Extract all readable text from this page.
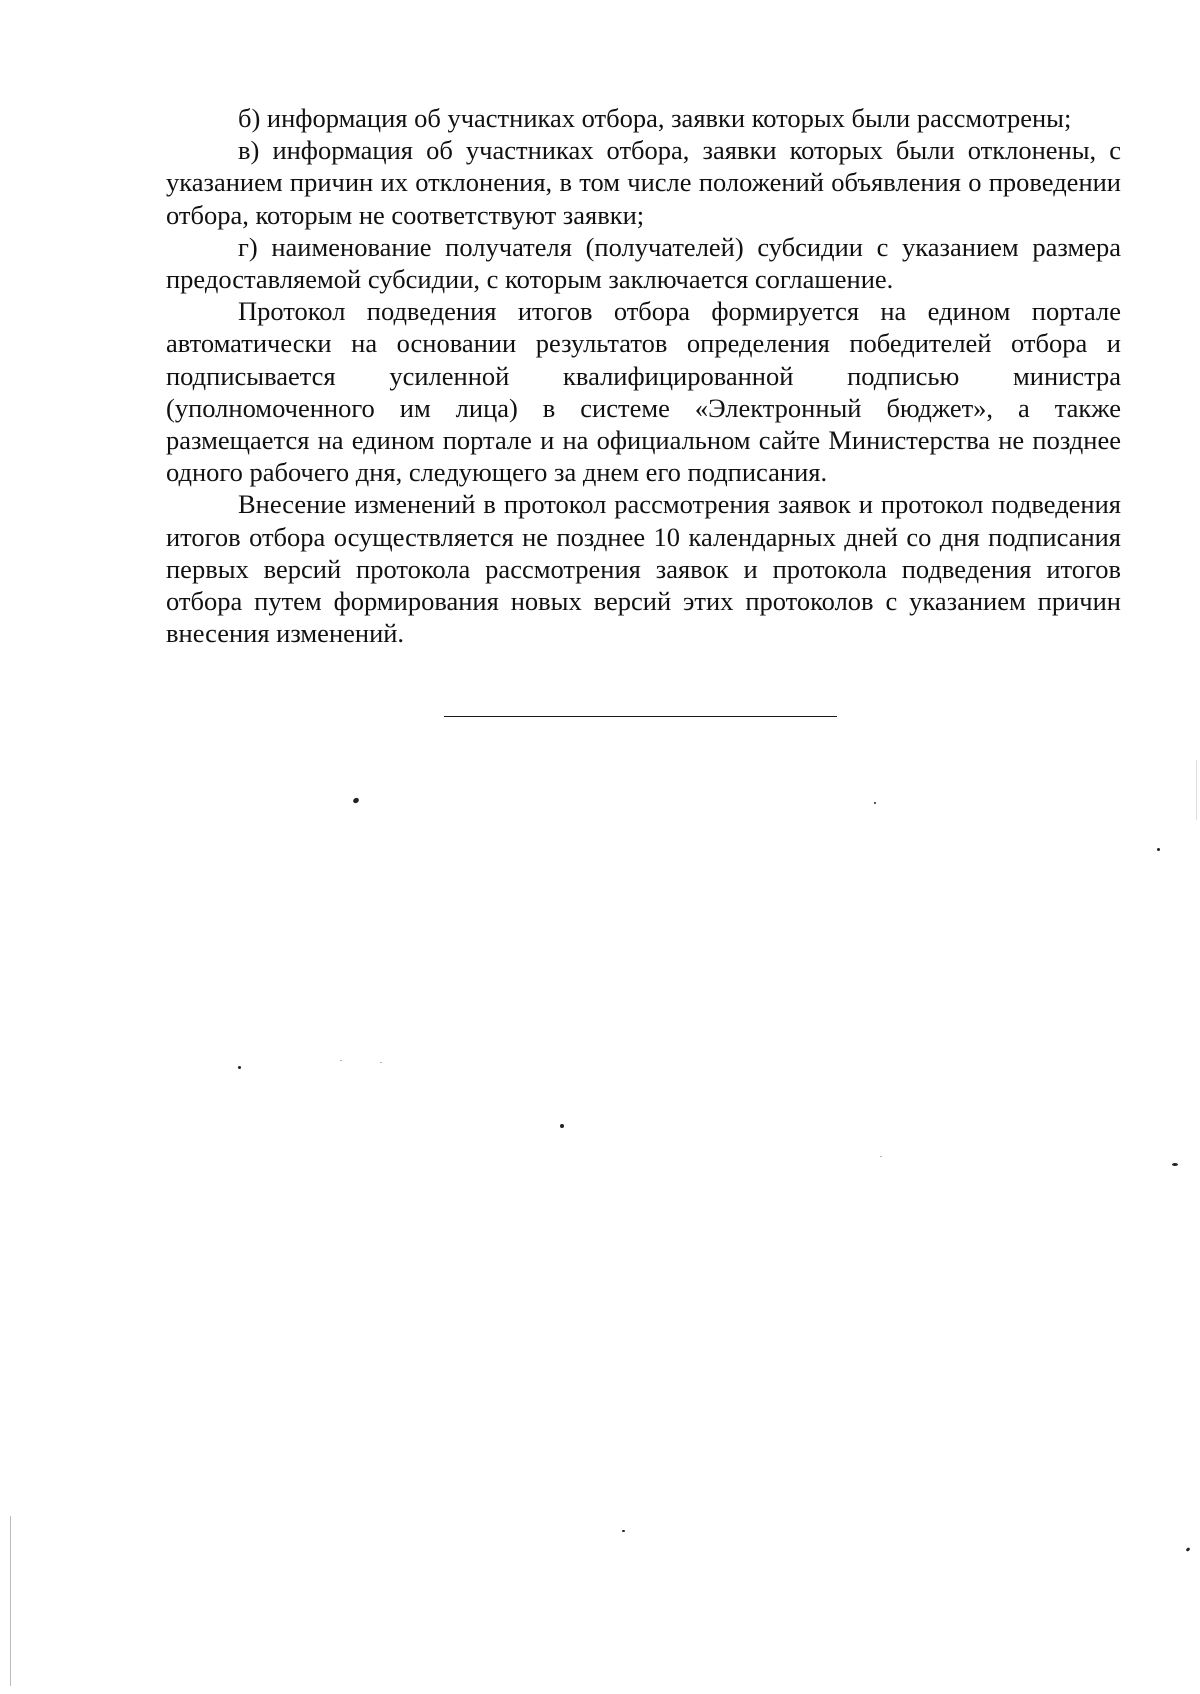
б) информация об участниках отбора, заявки которых были рассмотрены;

в) информация об участниках отбора, заявки которых были отклонены, с указанием причин их отклонения, в том числе положений объявления о проведении отбора, которым не соответствуют заявки;

г) наименование получателя (получателей) субсидии с указанием размера предоставляемой субсидии, с которым заключается соглашение.

Протокол подведения итогов отбора формируется на едином портале автоматически на основании результатов определения победителей отбора и подписывается усиленной квалифицированной подписью министра (уполномоченного им лица) в системе «Электронный бюджет», а также размещается на едином портале и на официальном сайте Министерства не позднее одного рабочего дня, следующего за днем его подписания.

Внесение изменений в протокол рассмотрения заявок и протокол подведения итогов отбора осуществляется не позднее 10 календарных дней со дня подписания первых версий протокола рассмотрения заявок и протокола подведения итогов отбора путем формирования новых версий этих протоколов с указанием причин внесения изменений.
